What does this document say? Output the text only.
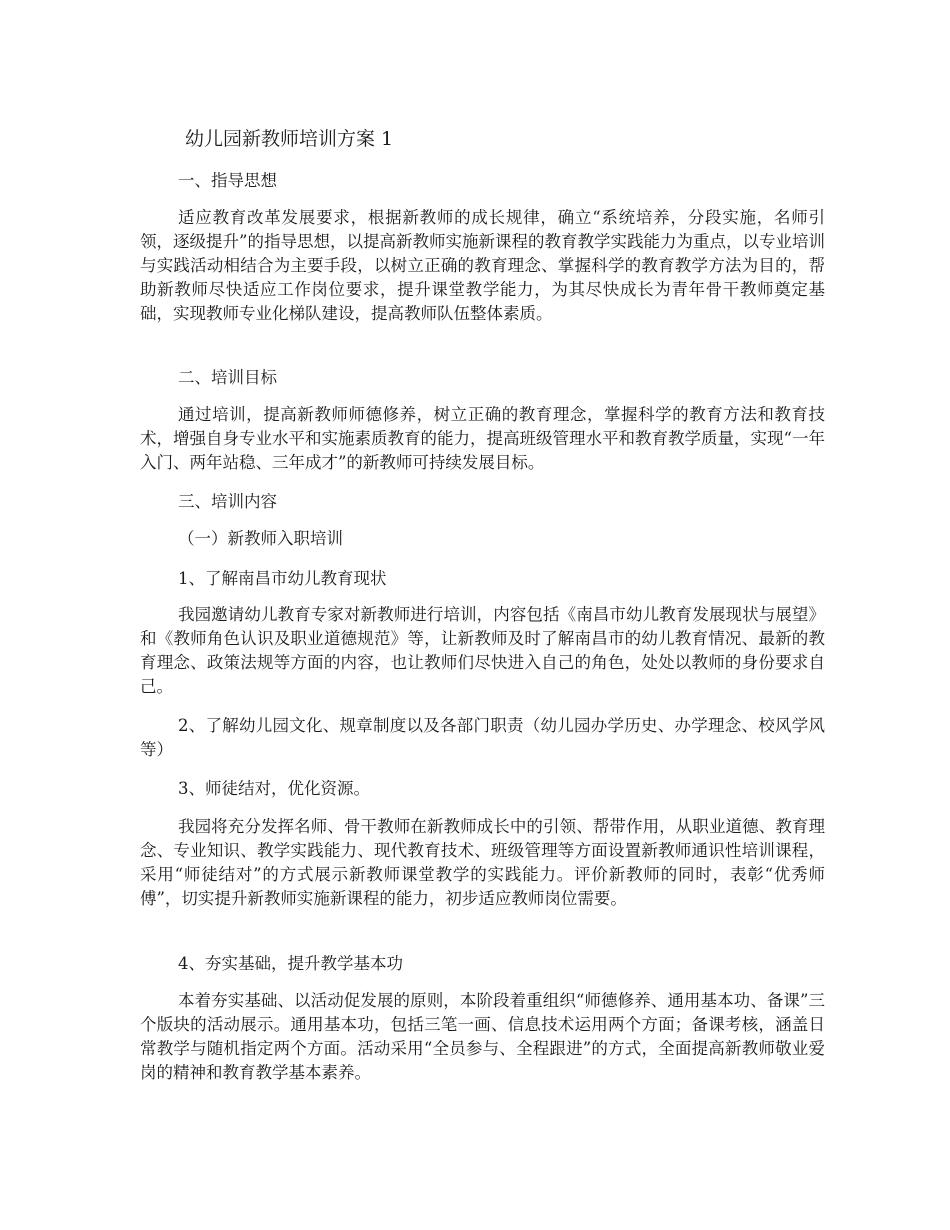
幼儿园新教师培训方案 1
一、指导思想
适应教育改革发展要求，根据新教师的成长规律，确立“系统培养，分段实施，名师引领，逐级提升”的指导思想，以提高新教师实施新课程的教育教学实践能力为重点，以专业培训与实践活动相结合为主要手段，以树立正确的教育理念、掌握科学的教育教学方法为目的，帮助新教师尽快适应工作岗位要求，提升课堂教学能力，为其尽快成长为青年骨干教师奠定基础，实现教师专业化梯队建设，提高教师队伍整体素质。
二、培训目标
通过培训，提高新教师师德修养，树立正确的教育理念，掌握科学的教育方法和教育技术，增强自身专业水平和实施素质教育的能力，提高班级管理水平和教育教学质量，实现“一年入门、两年站稳、三年成才”的新教师可持续发展目标。
三、培训内容
（一）新教师入职培训
1、了解南昌市幼儿教育现状
我园邀请幼儿教育专家对新教师进行培训，内容包括《南昌市幼儿教育发展现状与展望》和《教师角色认识及职业道德规范》等，让新教师及时了解南昌市的幼儿教育情况、最新的教育理念、政策法规等方面的内容，也让教师们尽快进入自己的角色，处处以教师的身份要求自己。
2、了解幼儿园文化、规章制度以及各部门职责（幼儿园办学历史、办学理念、校风学风等）
3、师徒结对，优化资源。
我园将充分发挥名师、骨干教师在新教师成长中的引领、帮带作用，从职业道德、教育理念、专业知识、教学实践能力、现代教育技术、班级管理等方面设置新教师通识性培训课程，采用“师徒结对”的方式展示新教师课堂教学的实践能力。评价新教师的同时，表彰“优秀师傅”，切实提升新教师实施新课程的能力，初步适应教师岗位需要。
4、夯实基础，提升教学基本功
本着夯实基础、以活动促发展的原则，本阶段着重组织“师德修养、通用基本功、备课”三个版块的活动展示。通用基本功，包括三笔一画、信息技术运用两个方面；备课考核，涵盖日常教学与随机指定两个方面。活动采用“全员参与、全程跟进”的方式，全面提高新教师敬业爱岗的精神和教育教学基本素养。
